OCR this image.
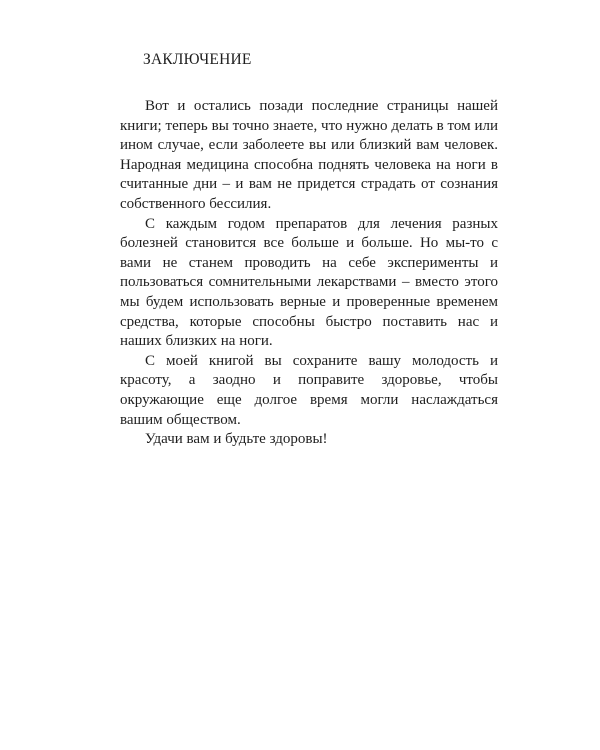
ЗАКЛЮЧЕНИЕ

Вот и остались позади последние страницы нашей книги; теперь вы точно знаете, что нужно делать в том или ином случае, если заболеете вы или близкий вам человек. Народная медицина способна поднять человека на ноги в считанные дни – и вам не придется страдать от сознания собственного бессилия.

С каждым годом препаратов для лечения разных болезней становится все больше и больше. Но мы-то с вами не станем проводить на себе эксперименты и пользоваться сомнительными лекарствами – вместо этого мы будем использовать верные и проверенные временем средства, которые способны быстро поставить нас и наших близких на ноги.

С моей книгой вы сохраните вашу молодость и красоту, а заодно и поправите здоровье, чтобы окружающие еще долгое время могли наслаждаться вашим обществом.

Удачи вам и будьте здоровы!
